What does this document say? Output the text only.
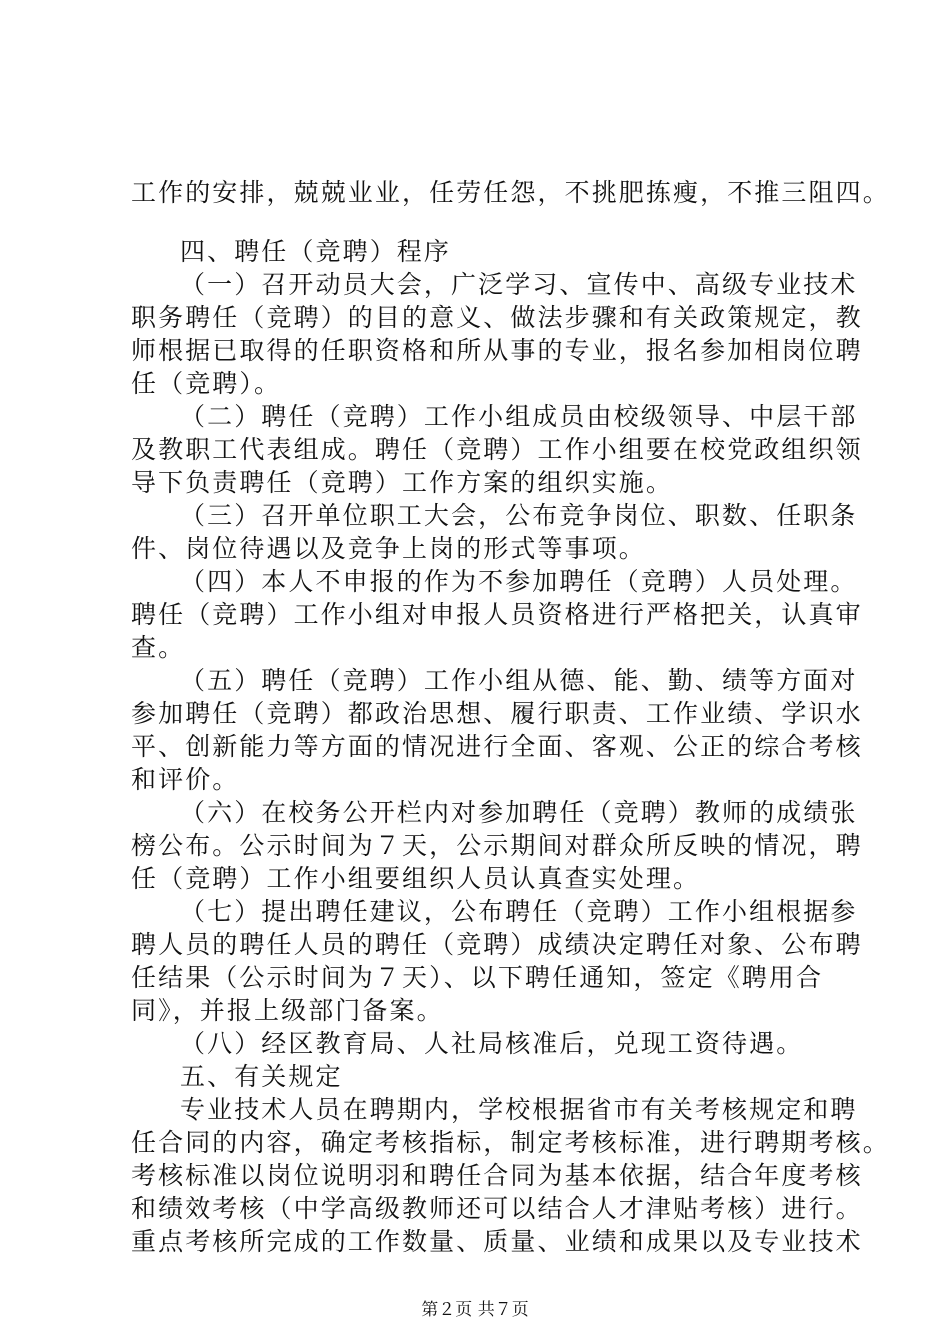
工作的安排，兢兢业业，任劳任怨，不挑肥拣瘦，不推三阻四。
四、聘任（竞聘）程序
（一）召开动员大会，广泛学习、宣传中、高级专业技术
职务聘任（竞聘）的目的意义、做法步骤和有关政策规定，教
师根据已取得的任职资格和所从事的专业，报名参加相岗位聘
任（竞聘）。
（二）聘任（竞聘）工作小组成员由校级领导、中层干部
及教职工代表组成。聘任（竞聘）工作小组要在校党政组织领
导下负责聘任（竞聘）工作方案的组织实施。
（三）召开单位职工大会，公布竞争岗位、职数、任职条
件、岗位待遇以及竞争上岗的形式等事项。
（四）本人不申报的作为不参加聘任（竞聘）人员处理。
聘任（竞聘）工作小组对申报人员资格进行严格把关，认真审
查。
（五）聘任（竞聘）工作小组从德、能、勤、绩等方面对
参加聘任（竞聘）都政治思想、履行职责、工作业绩、学识水
平、创新能力等方面的情况进行全面、客观、公正的综合考核
和评价。
（六）在校务公开栏内对参加聘任（竞聘）教师的成绩张
榜公布。公示时间为７天，公示期间对群众所反映的情况，聘
任（竞聘）工作小组要组织人员认真查实处理。
（七）提出聘任建议，公布聘任（竞聘）工作小组根据参
聘人员的聘任人员的聘任（竞聘）成绩决定聘任对象、公布聘
任结果（公示时间为７天）、以下聘任通知，签定《聘用合
同》，并报上级部门备案。
（八）经区教育局、人社局核准后，兑现工资待遇。
五、有关规定
专业技术人员在聘期内，学校根据省市有关考核规定和聘
任合同的内容，确定考核指标，制定考核标准，进行聘期考核。
考核标准以岗位说明羽和聘任合同为基本依据，结合年度考核
和绩效考核（中学高级教师还可以结合人才津贴考核）进行。
重点考核所完成的工作数量、质量、业绩和成果以及专业技术
第２页 共７页
